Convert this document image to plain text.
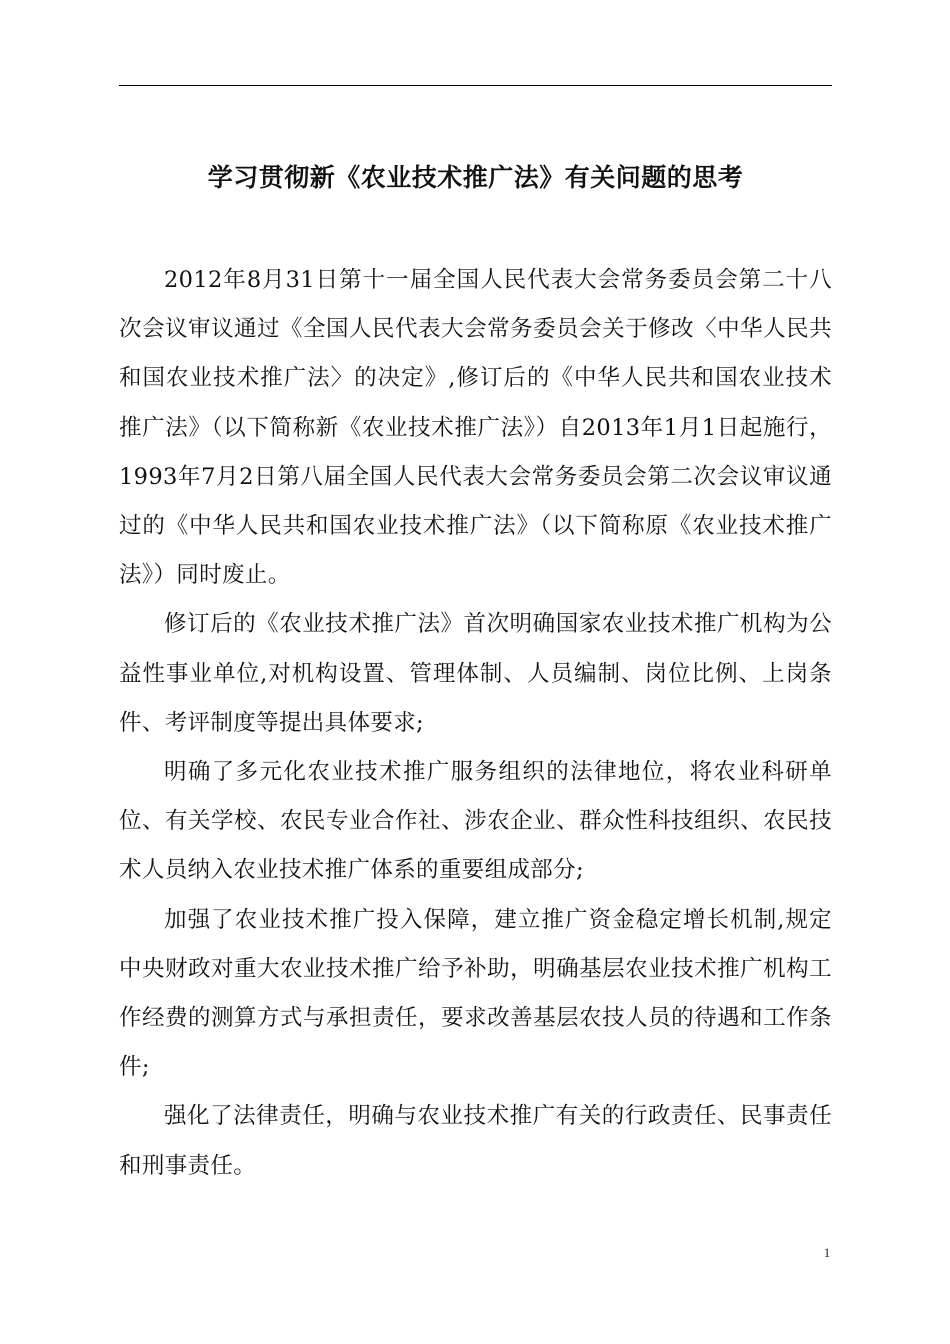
学习贯彻新《农业技术推广法》有关问题的思考

2012年8月31日第十一届全国人民代表大会常务委员会第二十八次会议审议通过《全国人民代表大会常务委员会关于修改〈中华人民共和国农业技术推广法〉的决定》,修订后的《中华人民共和国农业技术推广法》（以下简称新《农业技术推广法》）自2013年1月1日起施行，1993年7月2日第八届全国人民代表大会常务委员会第二次会议审议通过的《中华人民共和国农业技术推广法》（以下简称原《农业技术推广法》）同时废止。

修订后的《农业技术推广法》首次明确国家农业技术推广机构为公益性事业单位,对机构设置、管理体制、人员编制、岗位比例、上岗条件、考评制度等提出具体要求;

明确了多元化农业技术推广服务组织的法律地位，将农业科研单位、有关学校、农民专业合作社、涉农企业、群众性科技组织、农民技术人员纳入农业技术推广体系的重要组成部分;

加强了农业技术推广投入保障，建立推广资金稳定增长机制,规定中央财政对重大农业技术推广给予补助，明确基层农业技术推广机构工作经费的测算方式与承担责任，要求改善基层农技人员的待遇和工作条件;

强化了法律责任，明确与农业技术推广有关的行政责任、民事责任和刑事责任。

1
